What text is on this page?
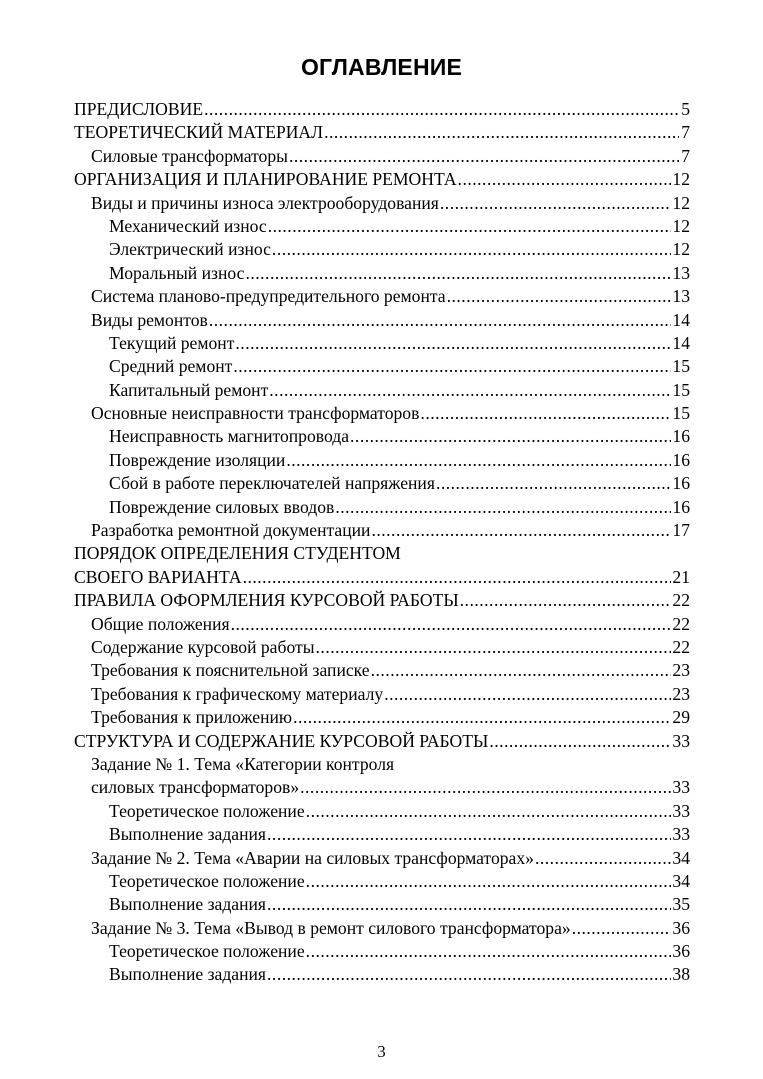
ОГЛАВЛЕНИЕ
ПРЕДИСЛОВИЕ .....	5
ТЕОРЕТИЧЕСКИЙ МАТЕРИАЛ .....	7
Силовые трансформаторы .....	7
ОРГАНИЗАЦИЯ И ПЛАНИРОВАНИЕ РЕМОНТА .....	12
Виды и причины износа электрооборудования .....	12
Механический износ .....	12
Электрический износ .....	12
Моральный износ .....	13
Система планово-предупредительного ремонта .....	13
Виды ремонтов .....	14
Текущий ремонт .....	14
Средний ремонт .....	15
Капитальный ремонт .....	15
Основные неисправности трансформаторов .....	15
Неисправность магнитопровода .....	16
Повреждение изоляции .....	16
Сбой в работе переключателей напряжения .....	16
Повреждение силовых вводов .....	16
Разработка ремонтной документации .....	17
ПОРЯДОК ОПРЕДЕЛЕНИЯ СТУДЕНТОМ
СВОЕГО ВАРИАНТА .....	21
ПРАВИЛА ОФОРМЛЕНИЯ КУРСОВОЙ РАБОТЫ .....	22
Общие положения .....	22
Содержание курсовой работы .....	22
Требования к пояснительной записке .....	23
Требования к графическому материалу .....	23
Требования к приложению .....	29
СТРУКТУРА И СОДЕРЖАНИЕ КУРСОВОЙ РАБОТЫ .....	33
Задание № 1. Тема «Категории контроля
силовых трансформаторов» .....	33
Теоретическое положение .....	33
Выполнение задания .....	33
Задание № 2. Тема «Аварии на силовых трансформаторах» .....	34
Теоретическое положение .....	34
Выполнение задания .....	35
Задание № 3. Тема «Вывод в ремонт силового трансформатора» .....	36
Теоретическое положение .....	36
Выполнение задания .....	38
3
